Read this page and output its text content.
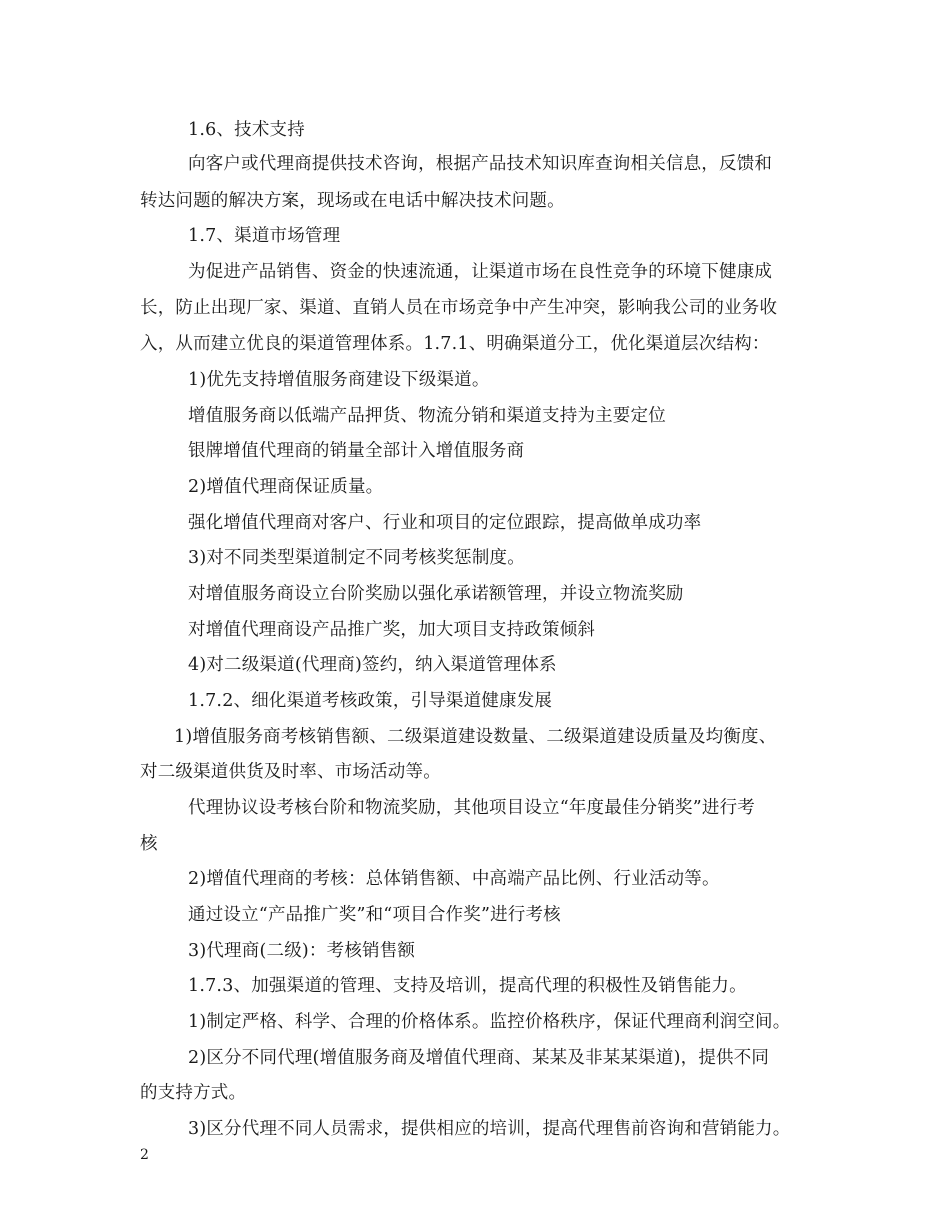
1.6、技术支持
向客户或代理商提供技术咨询，根据产品技术知识库查询相关信息，反馈和
转达问题的解决方案，现场或在电话中解决技术问题。
1.7、渠道市场管理
为促进产品销售、资金的快速流通，让渠道市场在良性竞争的环境下健康成
长，防止出现厂家、渠道、直销人员在市场竞争中产生冲突，影响我公司的业务收
入，从而建立优良的渠道管理体系。1.7.1、明确渠道分工，优化渠道层次结构：
1)优先支持增值服务商建设下级渠道。
增值服务商以低端产品押货、物流分销和渠道支持为主要定位
银牌增值代理商的销量全部计入增值服务商
2)增值代理商保证质量。
强化增值代理商对客户、行业和项目的定位跟踪，提高做单成功率
3)对不同类型渠道制定不同考核奖惩制度。
对增值服务商设立台阶奖励以强化承诺额管理，并设立物流奖励
对增值代理商设产品推广奖，加大项目支持政策倾斜
4)对二级渠道(代理商)签约，纳入渠道管理体系
1.7.2、细化渠道考核政策，引导渠道健康发展
1)增值服务商考核销售额、二级渠道建设数量、二级渠道建设质量及均衡度、
对二级渠道供货及时率、市场活动等。
代理协议设考核台阶和物流奖励，其他项目设立“年度最佳分销奖”进行考
核
2)增值代理商的考核：总体销售额、中高端产品比例、行业活动等。
通过设立“产品推广奖”和“项目合作奖”进行考核
3)代理商(二级)：考核销售额
1.7.3、加强渠道的管理、支持及培训，提高代理的积极性及销售能力。
1)制定严格、科学、合理的价格体系。监控价格秩序，保证代理商利润空间。
2)区分不同代理(增值服务商及增值代理商、某某及非某某渠道)，提供不同
的支持方式。
3)区分代理不同人员需求，提供相应的培训，提高代理售前咨询和营销能力。
2
